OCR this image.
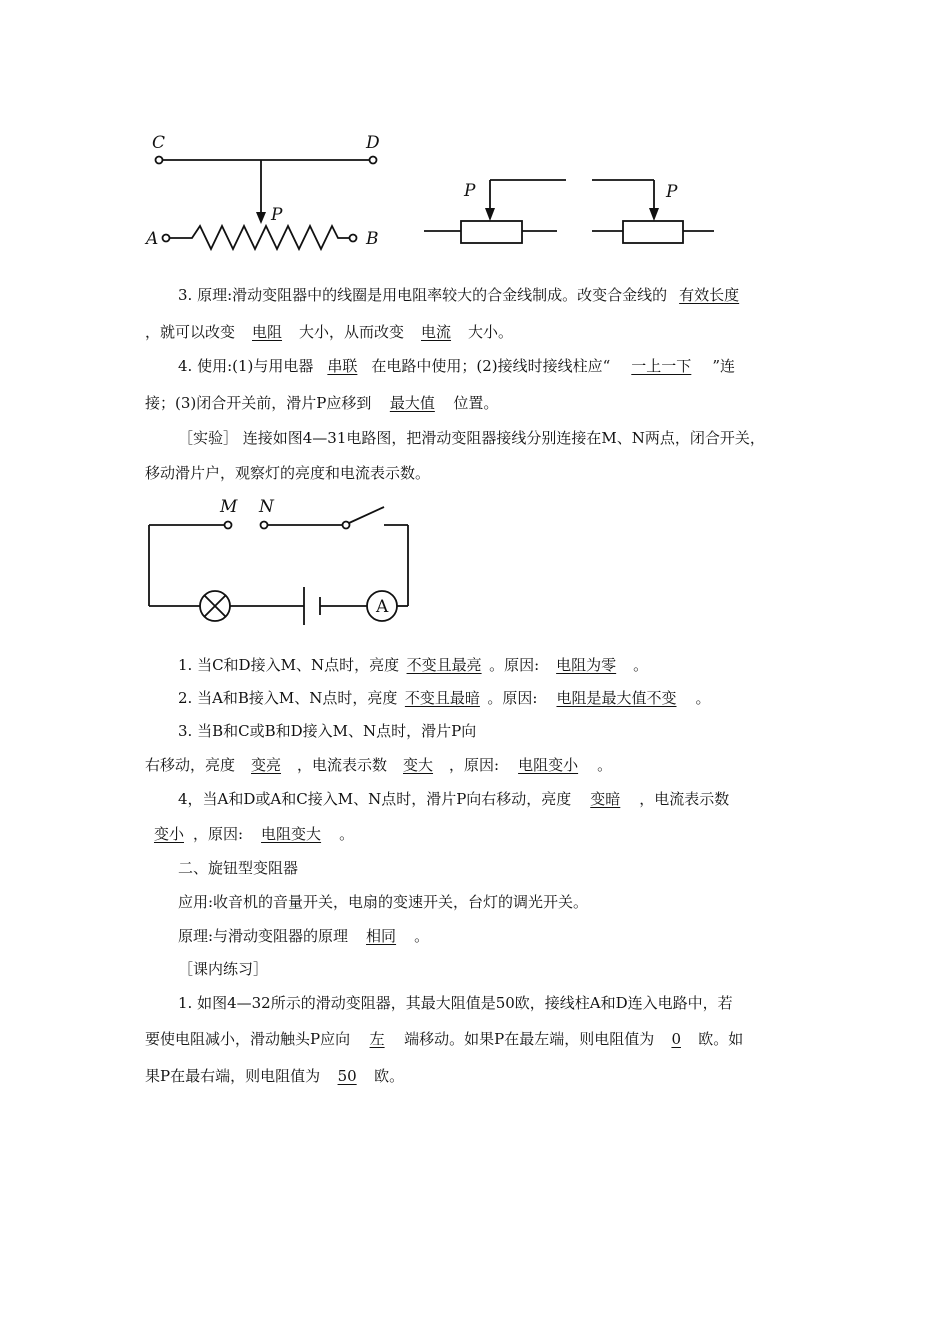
C	D
P
A	B
P	P
3. 原理:滑动变阻器中的线圈是用电阻率较大的合金线制成。改变合金线的 有效长度
，就可以改变 电阻 大小，从而改变 电流 大小。
4. 使用:(1)与用电器 串联 在电路中使用；(2)接线时接线柱应“ 一上一下 ”连
接；(3)闭合开关前，滑片P应移到 最大值 位置。
［实验］ 连接如图4—31电路图，把滑动变阻器接线分别连接在M、N两点，闭合开关，
移动滑片户，观察灯的亮度和电流表示数。
M N
A
1. 当C和D接入M、N点时，亮度 不变且最亮 。原因: 电阻为零 。
2. 当A和B接入M、N点时，亮度 不变且最暗 。原因: 电阻是最大值不变 。
3. 当B和C或B和D接入M、N点时，滑片P向
右移动，亮度 变亮 ，电流表示数 变大 ，原因: 电阻变小 。
4，当A和D或A和C接入M、N点时，滑片P向右移动，亮度 变暗 ，电流表示数
变小 ，原因: 电阻变大 。
二、旋钮型变阻器
应用:收音机的音量开关，电扇的变速开关，台灯的调光开关。
原理:与滑动变阻器的原理 相同 。
［课内练习］
1. 如图4—32所示的滑动变阻器，其最大阻值是50欧，接线柱A和D连入电路中，若
要使电阻减小，滑动触头P应向 左 端移动。如果P在最左端，则电阻值为 0 欧。如
果P在最右端，则电阻值为 50 欧。
